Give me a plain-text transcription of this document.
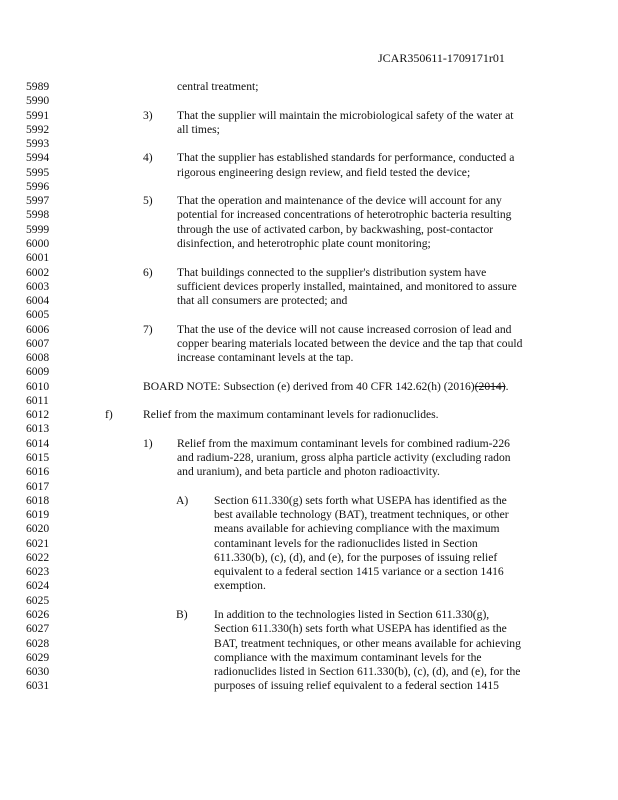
JCAR350611-1709171r01
5989	central treatment;
5990
5991	3) That the supplier will maintain the microbiological safety of the water at
5992	all times;
5993
5994	4) That the supplier has established standards for performance, conducted a
5995	rigorous engineering design review, and field tested the device;
5996
5997	5) That the operation and maintenance of the device will account for any
5998	potential for increased concentrations of heterotrophic bacteria resulting
5999	through the use of activated carbon, by backwashing, post-contactor
6000	disinfection, and heterotrophic plate count monitoring;
6001
6002	6) That buildings connected to the supplier's distribution system have
6003	sufficient devices properly installed, maintained, and monitored to assure
6004	that all consumers are protected; and
6005
6006	7) That the use of the device will not cause increased corrosion of lead and
6007	copper bearing materials located between the device and the tap that could
6008	increase contaminant levels at the tap.
6009
6010	BOARD NOTE: Subsection (e) derived from 40 CFR 142.62(h) (2016)(2014).
6011
6012	f)	Relief from the maximum contaminant levels for radionuclides.
6013
6014	1) Relief from the maximum contaminant levels for combined radium-226
6015	and radium-228, uranium, gross alpha particle activity (excluding radon
6016	and uranium), and beta particle and photon radioactivity.
6017
6018	A) Section 611.330(g) sets forth what USEPA has identified as the
6019	best available technology (BAT), treatment techniques, or other
6020	means available for achieving compliance with the maximum
6021	contaminant levels for the radionuclides listed in Section
6022	611.330(b), (c), (d), and (e), for the purposes of issuing relief
6023	equivalent to a federal section 1415 variance or a section 1416
6024	exemption.
6025
6026	B) In addition to the technologies listed in Section 611.330(g),
6027	Section 611.330(h) sets forth what USEPA has identified as the
6028	BAT, treatment techniques, or other means available for achieving
6029	compliance with the maximum contaminant levels for the
6030	radionuclides listed in Section 611.330(b), (c), (d), and (e), for the
6031	purposes of issuing relief equivalent to a federal section 1415
